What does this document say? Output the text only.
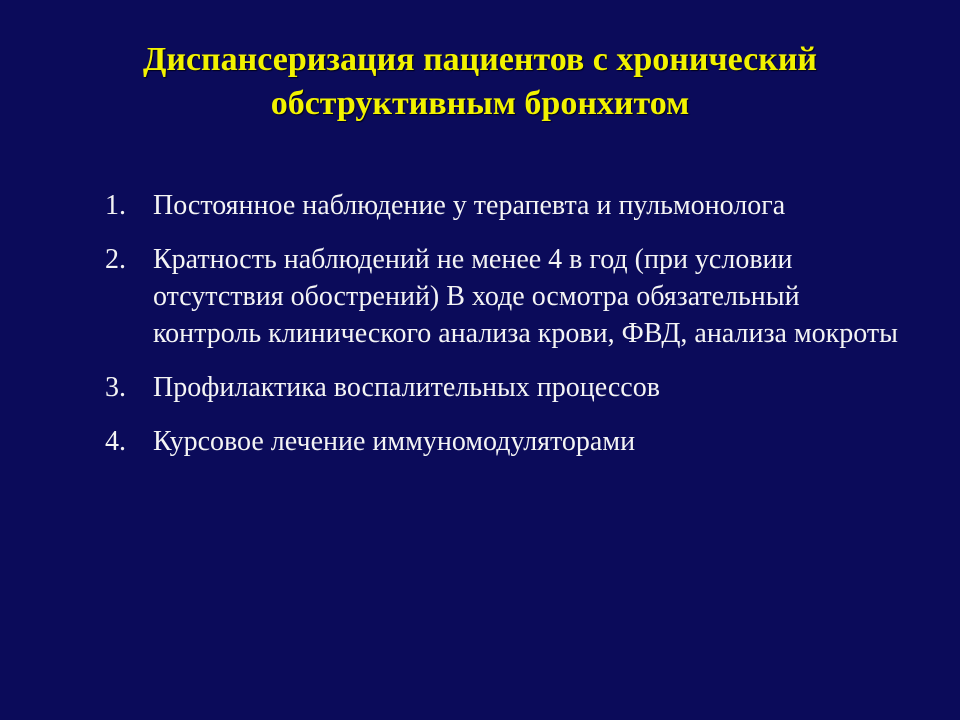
Диспансеризация пациентов с хронический
обструктивным бронхитом
1. Постоянное наблюдение у терапевта и пульмонолога
2. Кратность наблюдений не менее 4 в год (при условии отсутствия обострений) В ходе осмотра обязательный контроль клинического анализа крови, ФВД, анализа мокроты
3. Профилактика воспалительных процессов
4. Курсовое лечение иммуномодуляторами
